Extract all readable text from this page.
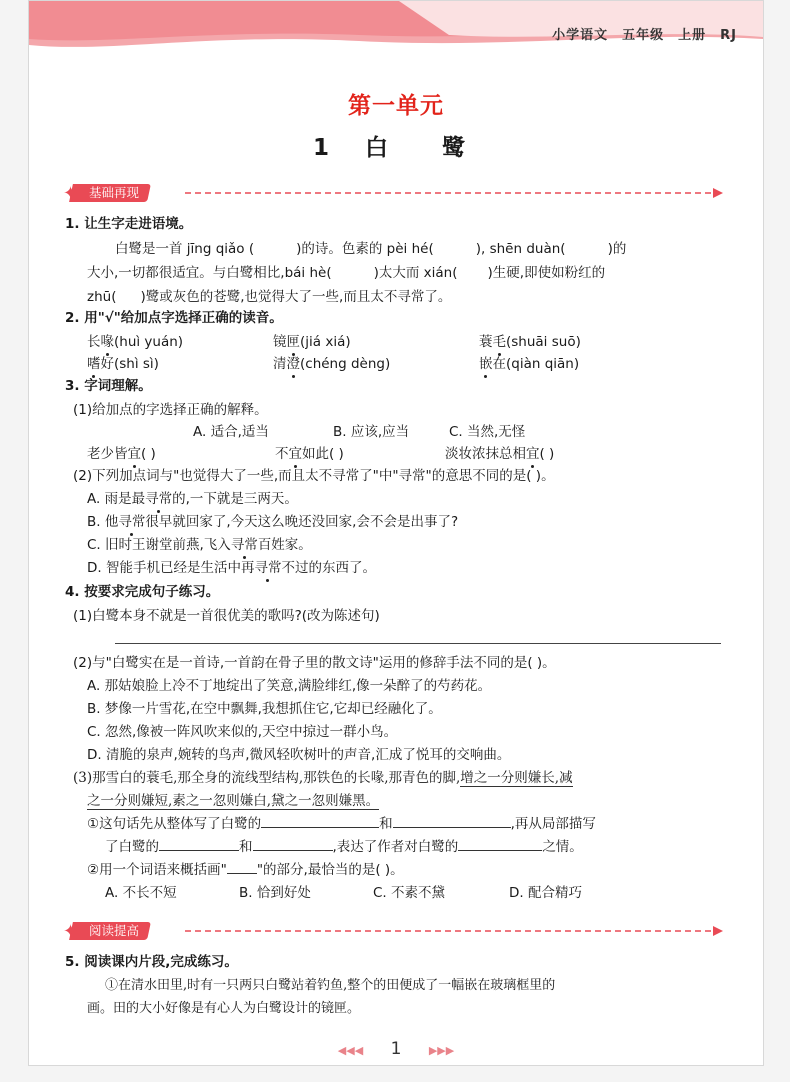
小学语文 五年级 上册 RJ
第一单元
1 白 鹭
基础再现
✦
1. 让生字走进语境。
白鹭是一首 jīng qiǎo (	)的诗。色素的 pèi hé(	), shēn duàn(	)的
大小,一切都很适宜。与白鹭相比,bái hè(	)太大而 xián( )生硬,即使如粉红的
zhū( )鹭或灰色的苍鹭,也觉得大了一些,而且太不寻常了。
2. 用"√"给加点字选择正确的读音。
长喙(huì yuán)	镜匣(jiá xiá)	蓑毛(shuāi suō)
嗜好(shì sì)	清澄(chéng dèng)	嵌在(qiàn qiān)
3. 字词理解。
(1)给加点的字选择正确的解释。
A. 适合,适当	B. 应该,应当	C. 当然,无怪
老少皆宜( )	不宜如此( )	淡妆浓抹总相宜( )
(2)下列加点词与"也觉得大了一些,而且太不寻常了"中"寻常"的意思不同的是( )。
A. 雨是最寻常的,一下就是三两天。
B. 他寻常很早就回家了,今天这么晚还没回家,会不会是出事了?
C. 旧时王谢堂前燕,飞入寻常百姓家。
D. 智能手机已经是生活中再寻常不过的东西了。
4. 按要求完成句子练习。
(1)白鹭本身不就是一首很优美的歌吗?(改为陈述句)
(2)与"白鹭实在是一首诗,一首韵在骨子里的散文诗"运用的修辞手法不同的是( )。
A. 那姑娘脸上冷不丁地绽出了笑意,满脸绯红,像一朵醉了的芍药花。
B. 梦像一片雪花,在空中飘舞,我想抓住它,它却已经融化了。
C. 忽然,像被一阵风吹来似的,天空中掠过一群小鸟。
D. 清脆的泉声,婉转的鸟声,微风轻吹树叶的声音,汇成了悦耳的交响曲。
(3)那雪白的蓑毛,那全身的流线型结构,那铁色的长喙,那青色的脚,增之一分则嫌长,减
之一分则嫌短,素之一忽则嫌白,黛之一忽则嫌黑。
①这句话先从整体写了白鹭的	和	,再从局部描写
了白鹭的	和	,表达了作者对白鹭的	之情。
②用一个词语来概括画" "的部分,最恰当的是( )。
A. 不长不短	B. 恰到好处	C. 不素不黛	D. 配合精巧
阅读提高
✦
5. 阅读课内片段,完成练习。
①在清水田里,时有一只两只白鹭站着钓鱼,整个的田便成了一幅嵌在玻璃框里的
画。田的大小好像是有心人为白鹭设计的镜匣。
◀◀◀ 1 ▶▶▶
